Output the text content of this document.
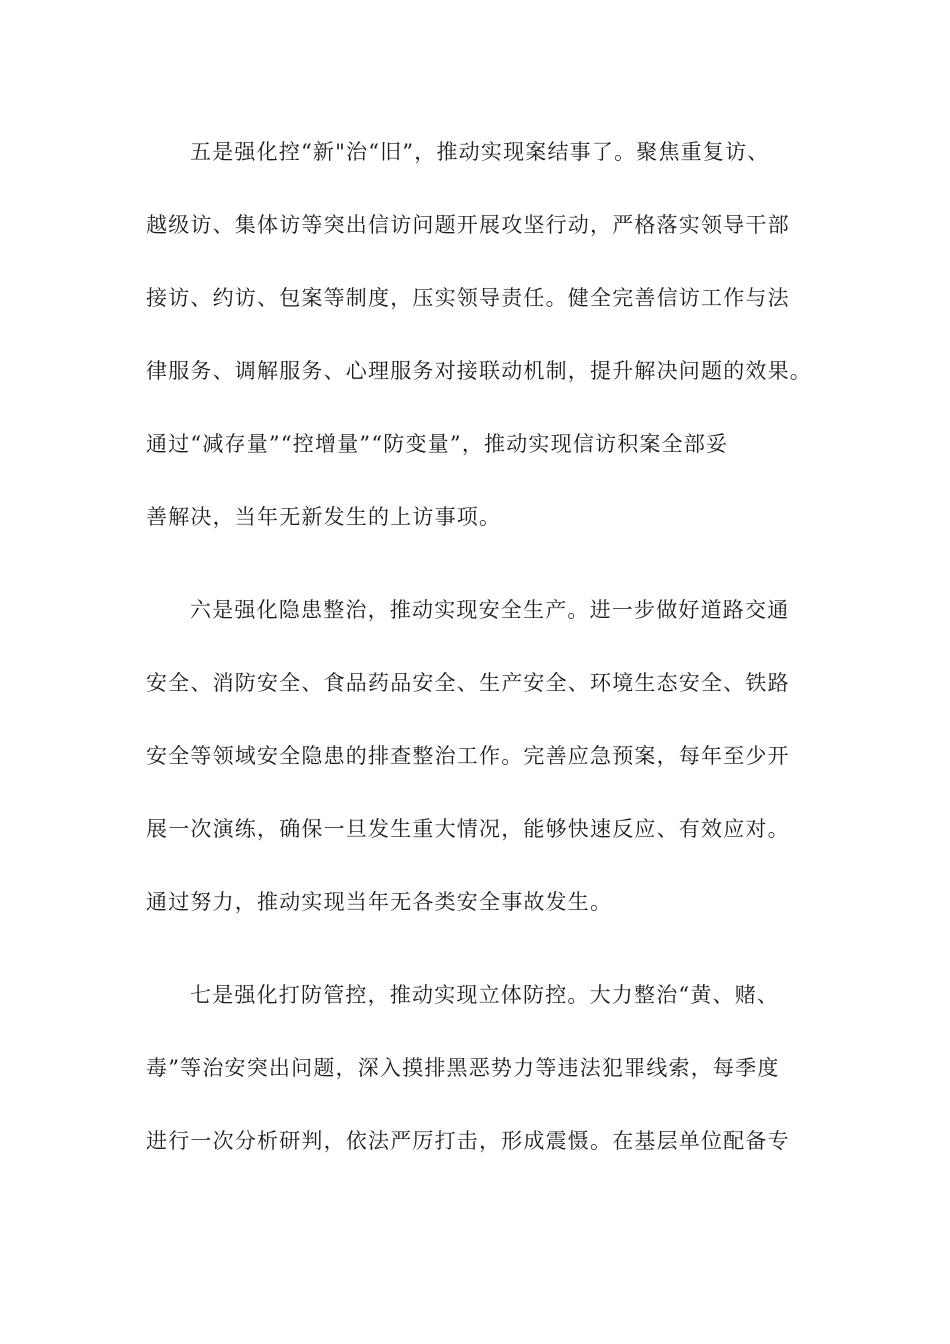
五是强化控“新"治“旧”，推动实现案结事了。聚焦重复访、
越级访、集体访等突出信访问题开展攻坚行动，严格落实领导干部
接访、约访、包案等制度，压实领导责任。健全完善信访工作与法
律服务、调解服务、心理服务对接联动机制，提升解决问题的效果。
通过“减存量”“控增量”“防变量”，推动实现信访积案全部妥
善解决，当年无新发生的上访事项。
六是强化隐患整治，推动实现安全生产。进一步做好道路交通
安全、消防安全、食品药品安全、生产安全、环境生态安全、铁路
安全等领域安全隐患的排查整治工作。完善应急预案，每年至少开
展一次演练，确保一旦发生重大情况，能够快速反应、有效应对。
通过努力，推动实现当年无各类安全事故发生。
七是强化打防管控，推动实现立体防控。大力整治“黄、赌、
毒”等治安突出问题，深入摸排黑恶势力等违法犯罪线索，每季度
进行一次分析研判，依法严厉打击，形成震慑。在基层单位配备专
